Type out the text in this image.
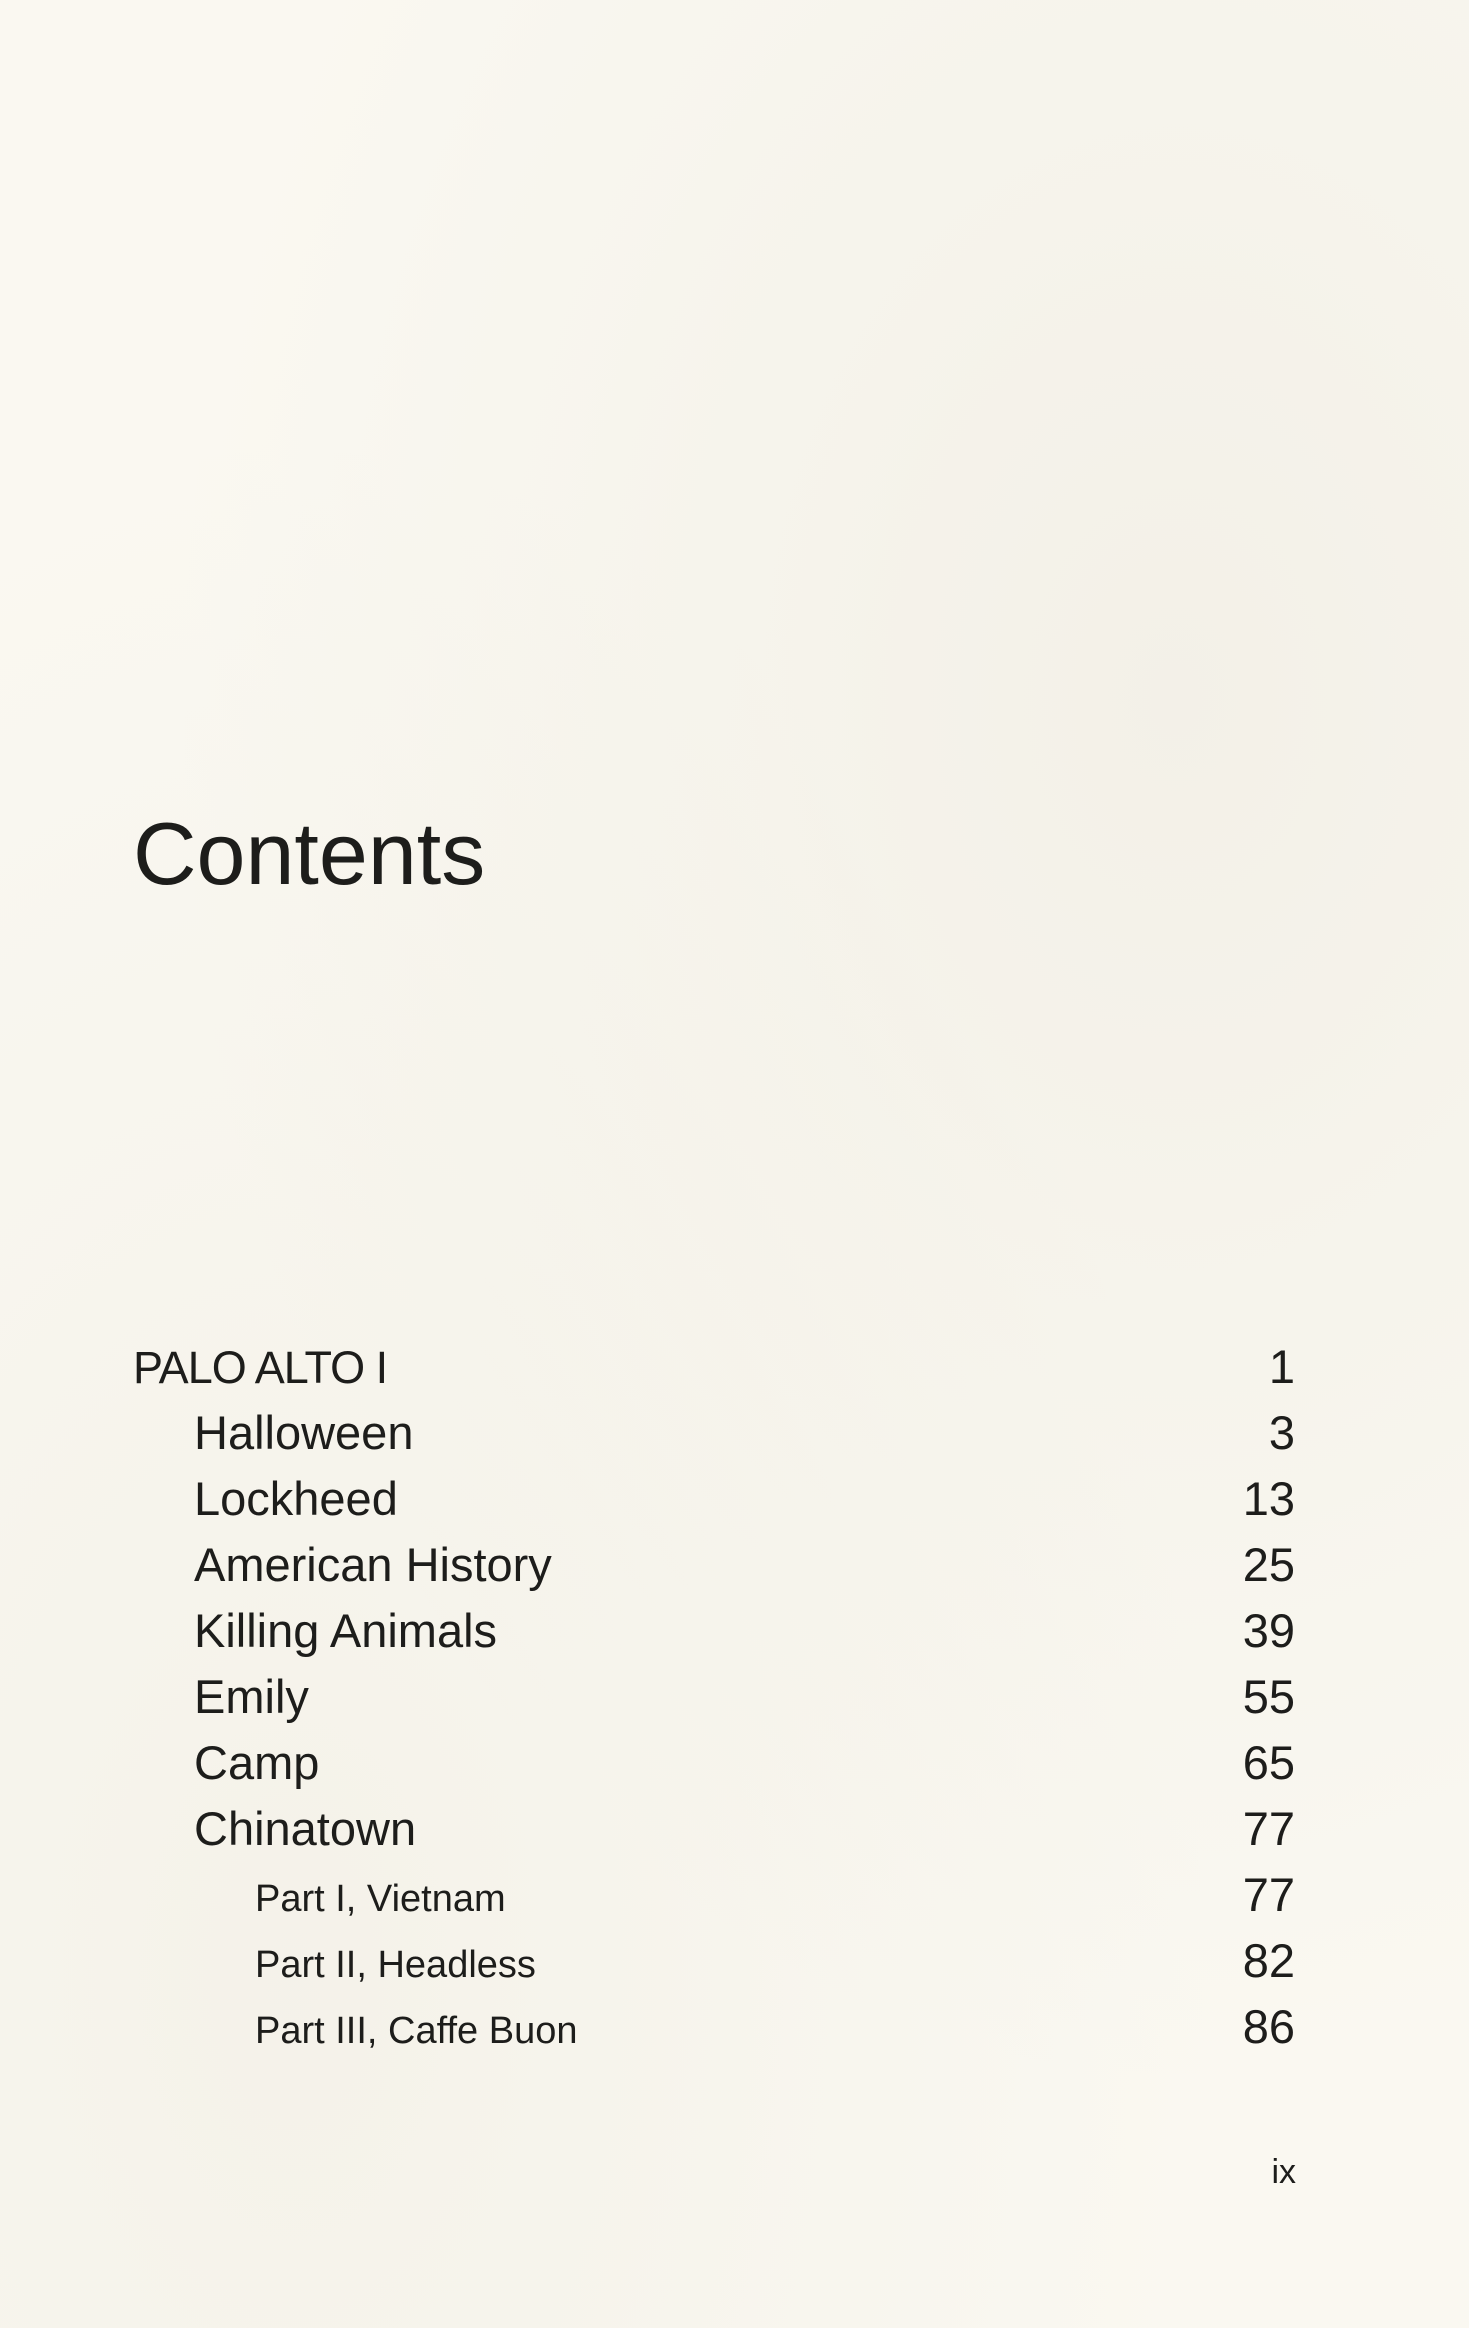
Contents
PALO ALTO I	1
Halloween	3
Lockheed	13
American History	25
Killing Animals	39
Emily	55
Camp	65
Chinatown	77
Part I, Vietnam	77
Part II, Headless	82
Part III, Caffe Buon	86
ix
